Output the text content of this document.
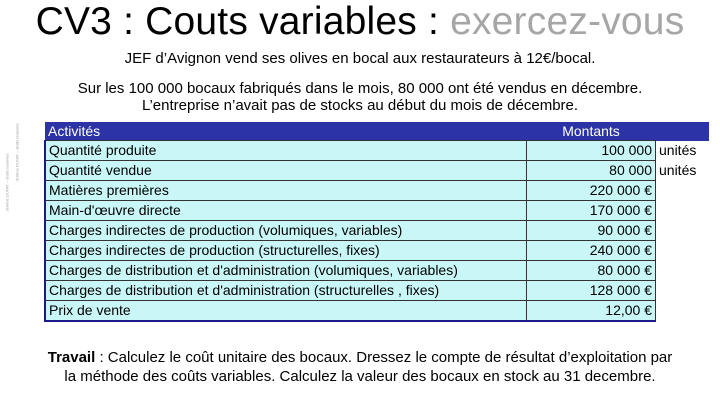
CV3 : Couts variables : exercez-vous
JEF d’Avignon vend ses olives en bocal aux restaurateurs à 12€/bocal.
Sur les 100 000 bocaux fabriqués dans le mois, 80 000 ont été vendus en décembre.
L’entreprise n’avait pas de stocks au début du mois de décembre.
Jérôme DUVAT – droits réservés
Jérôme DUVAT – droits réservés Activités	Montants	
Quantité produite	100 000	unités
Quantité vendue	80 000	unités
Matières premières	220 000 €	
Main-d'œuvre directe	170 000 €	
Charges indirectes de production (volumiques, variables)	90 000 €	
Charges indirectes de production (structurelles, fixes)	240 000 €	
Charges de distribution et d'administration (volumiques, variables)	80 000 €	
Charges de distribution et d'administration (structurelles , fixes)	128 000 €	
Prix de vente	12,00 €	
Travail : Calculez le coût unitaire des bocaux. Dressez le compte de résultat d’exploitation par
la méthode des coûts variables. Calculez la valeur des bocaux en stock au 31 decembre.
